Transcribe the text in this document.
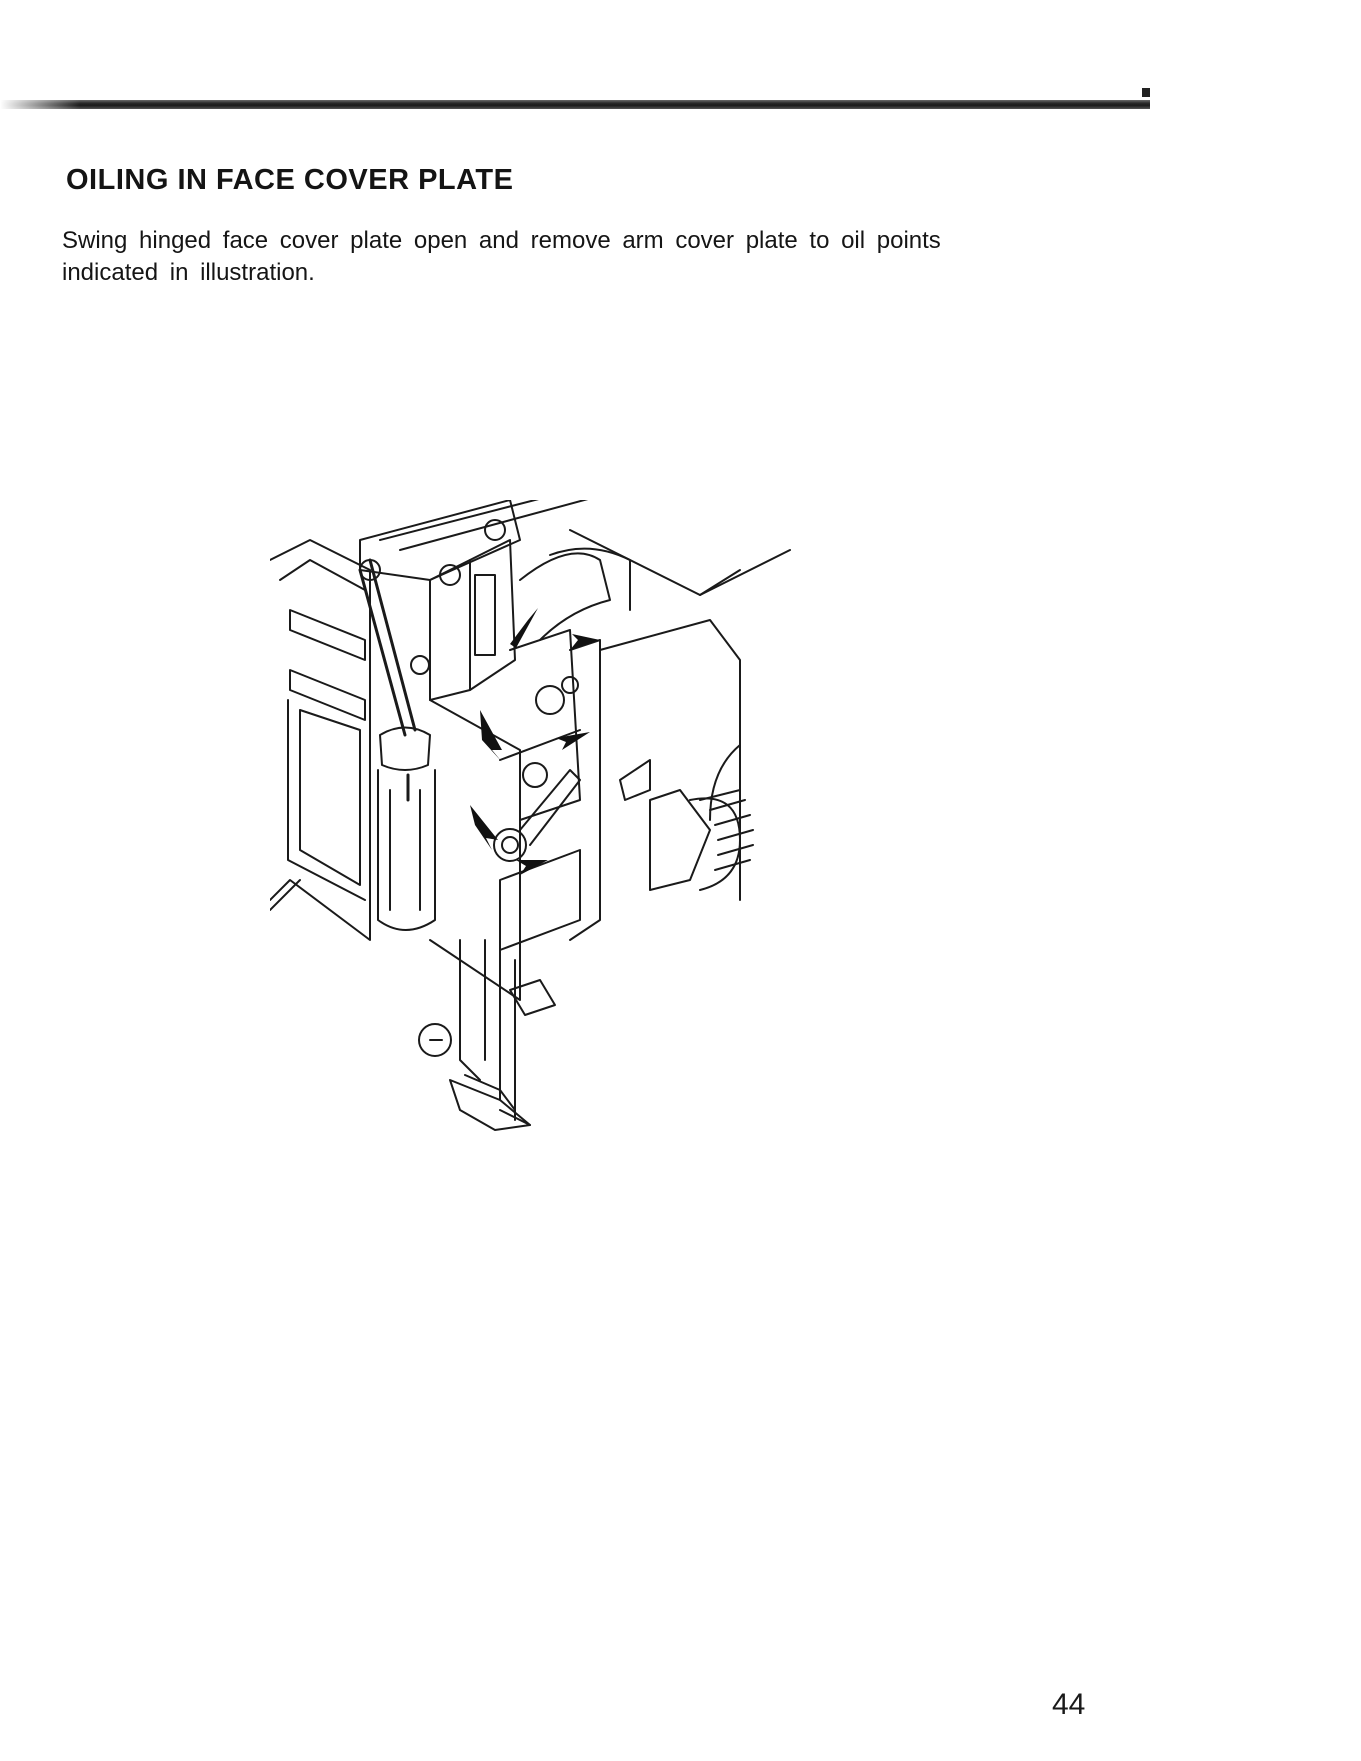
OILING IN FACE COVER PLATE

Swing hinged face cover plate open and remove arm cover plate to oil points indicated in illustration.

44
